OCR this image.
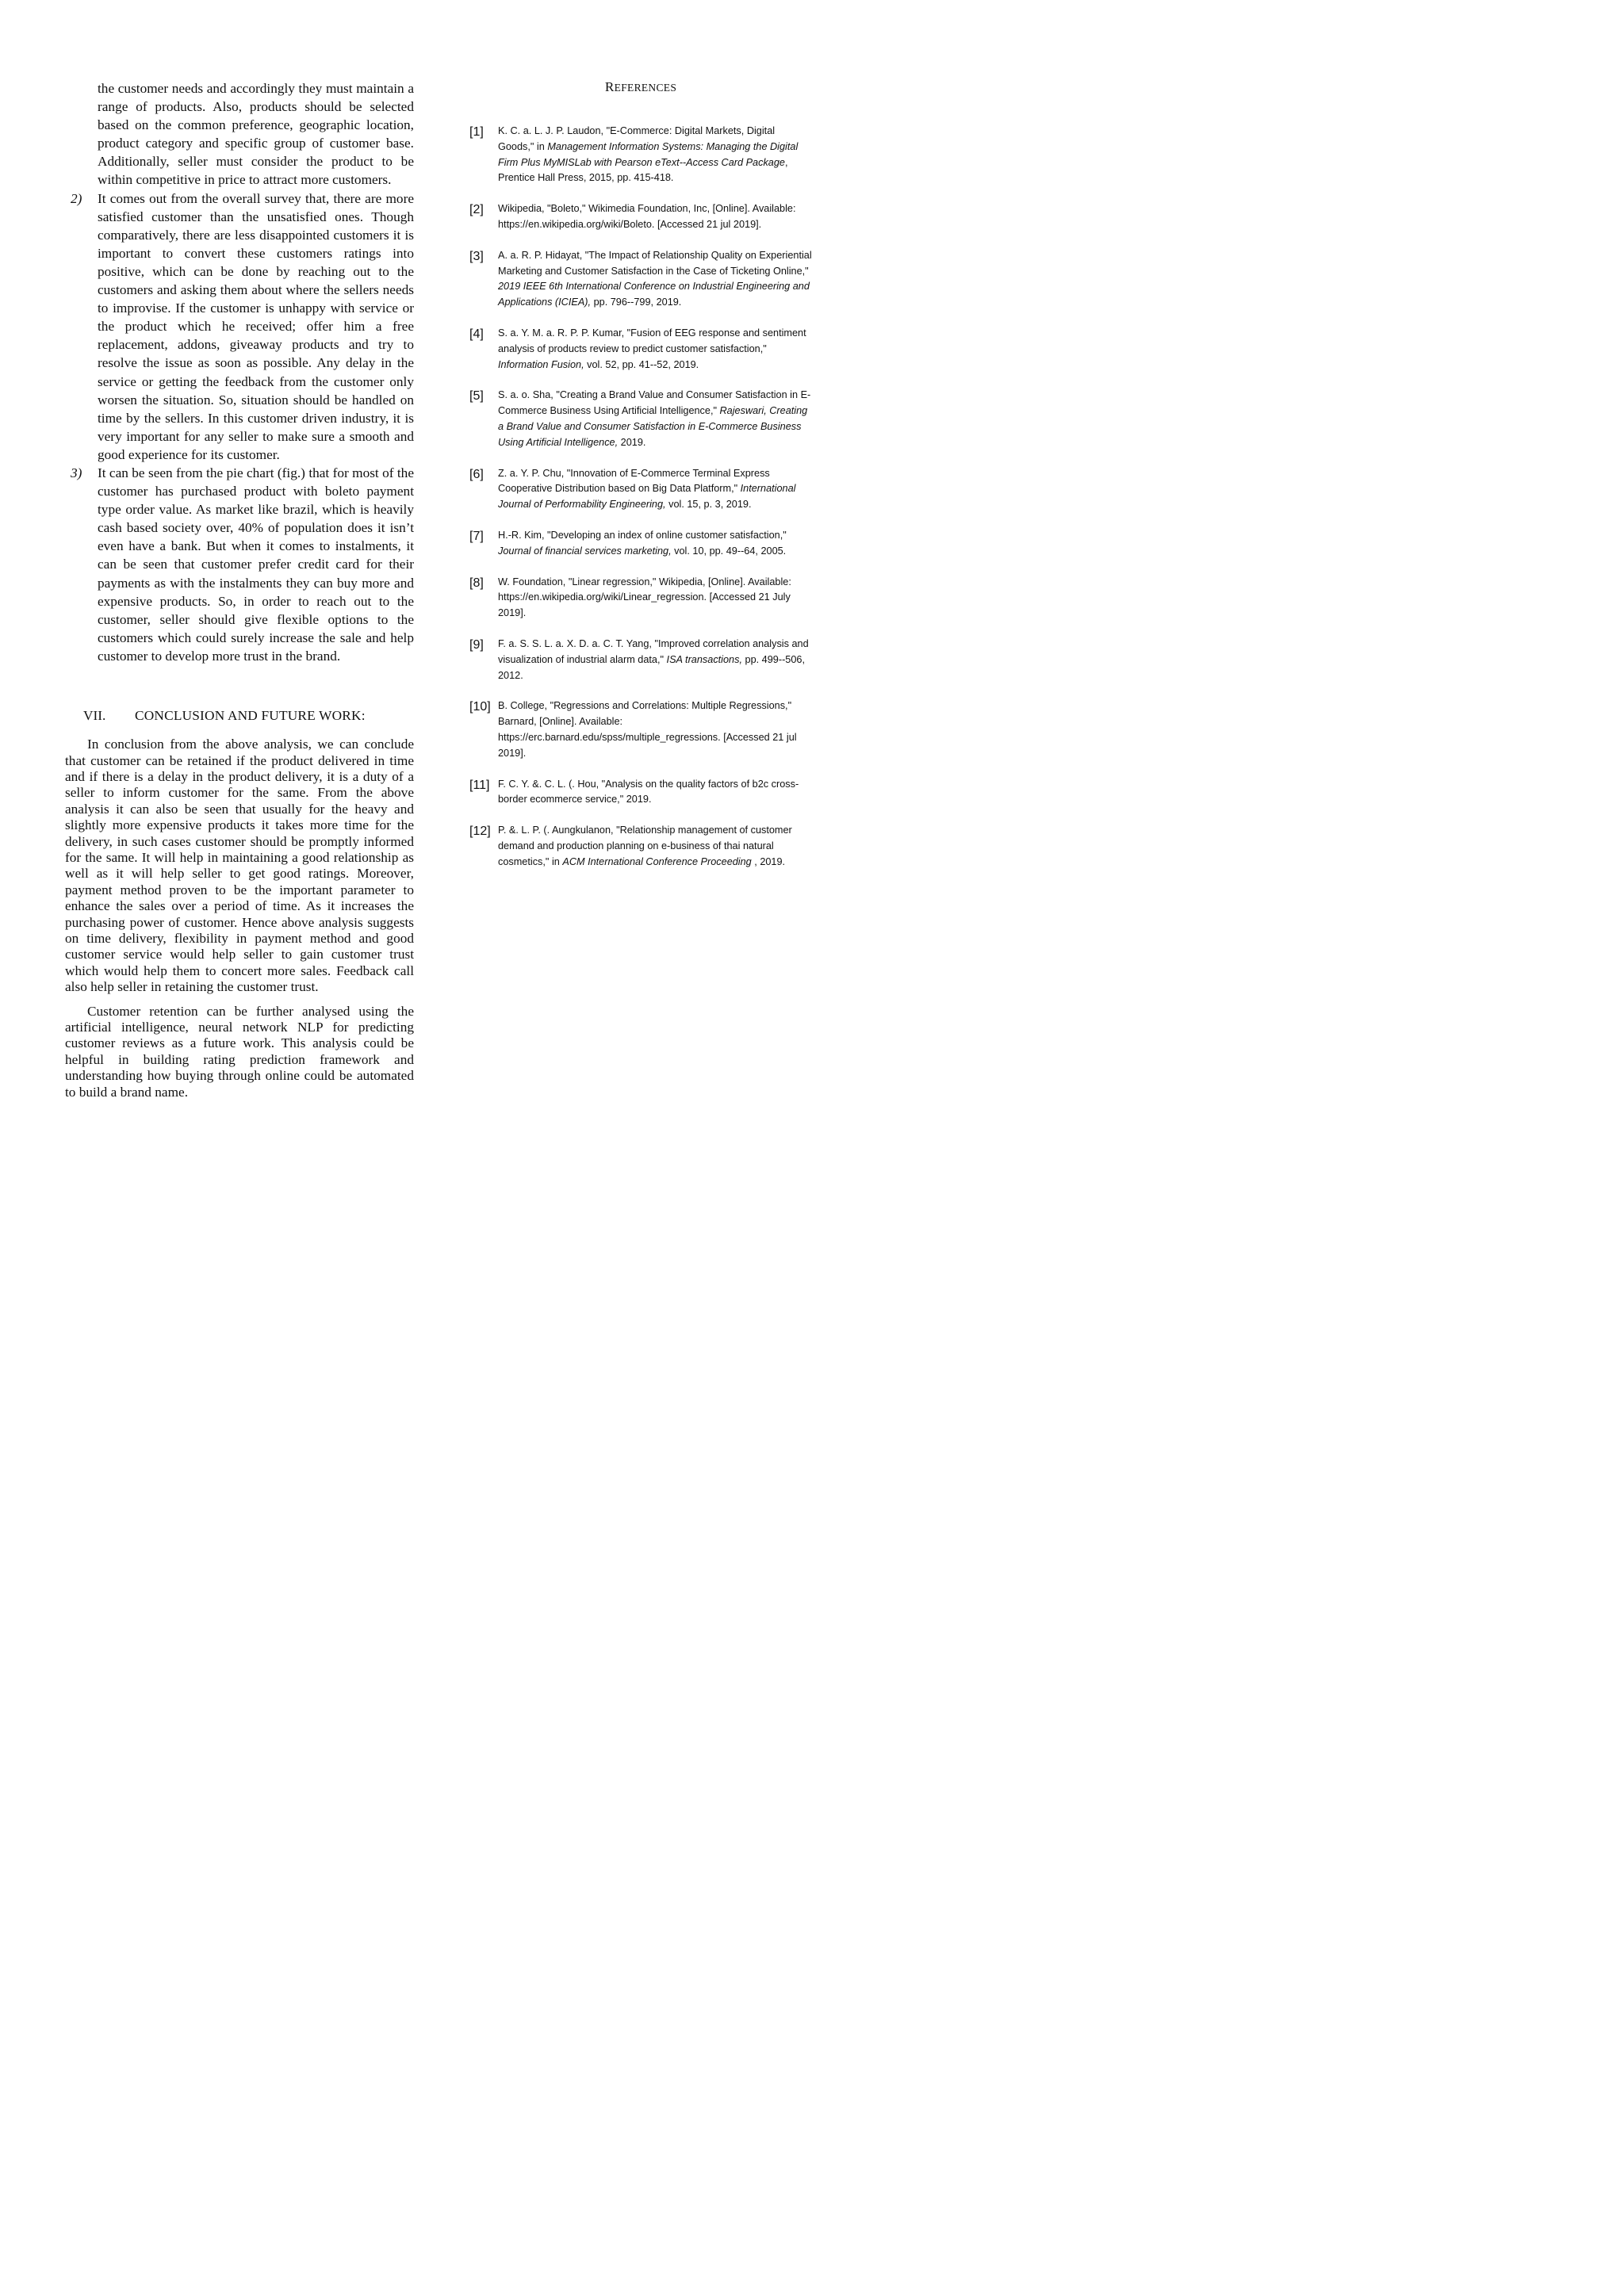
the customer needs and accordingly they must maintain a range of products. Also, products should be selected based on the common preference, geographic location, product category and specific group of customer base. Additionally, seller must consider the product to be within competitive in price to attract more customers.
2)	It comes out from the overall survey that, there are more satisfied customer than the unsatisfied ones. Though comparatively, there are less disappointed customers it is important to convert these customers ratings into positive, which can be done by reaching out to the customers and asking them about where the sellers needs to improvise. If the customer is unhappy with service or the product which he received; offer him a free replacement, addons, giveaway products and try to resolve the issue as soon as possible. Any delay in the service or getting the feedback from the customer only worsen the situation. So, situation should be handled on time by the sellers. In this customer driven industry, it is very important for any seller to make sure a smooth and good experience for its customer.
3)	It can be seen from the pie chart (fig.) that for most of the customer has purchased product with boleto payment type order value. As market like brazil, which is heavily cash based society over, 40% of population does it isn’t even have a bank. But when it comes to instalments, it can be seen that customer prefer credit card for their payments as with the instalments they can buy more and expensive products. So, in order to reach out to the customer, seller should give flexible options to the customers which could surely increase the sale and help customer to develop more trust in the brand.
VII.	CONCLUSION AND FUTURE WORK:

In conclusion from the above analysis, we can conclude that customer can be retained if the product delivered in time and if there is a delay in the product delivery, it is a duty of a seller to inform customer for the same. From the above analysis it can also be seen that usually for the heavy and slightly more expensive products it takes more time for the delivery, in such cases customer should be promptly informed for the same. It will help in maintaining a good relationship as well as it will help seller to get good ratings. Moreover, payment method proven to be the important parameter to enhance the sales over a period of time. As it increases the purchasing power of customer. Hence above analysis suggests on time delivery, flexibility in payment method and good customer service would help seller to gain customer trust which would help them to concert more sales. Feedback call also help seller in retaining the customer trust.

Customer retention can be further analysed using the artificial intelligence, neural network NLP for predicting customer reviews as a future work. This analysis could be helpful in building rating prediction framework and understanding how buying through online could be automated to build a brand name.

REFERENCES
[1]	K. C. a. L. J. P. Laudon, "E-Commerce: Digital Markets, Digital Goods," in Management Information Systems: Managing the Digital Firm Plus MyMISLab with Pearson eText--Access Card Package, Prentice Hall Press, 2015, pp. 415-418.
[2]	Wikipedia, "Boleto," Wikimedia Foundation, Inc, [Online]. Available: https://en.wikipedia.org/wiki/Boleto. [Accessed 21 jul 2019].
[3]	A. a. R. P. Hidayat, "The Impact of Relationship Quality on Experiential Marketing and Customer Satisfaction in the Case of Ticketing Online," 2019 IEEE 6th International Conference on Industrial Engineering and Applications (ICIEA), pp. 796--799, 2019.
[4]	S. a. Y. M. a. R. P. P. Kumar, "Fusion of EEG response and sentiment analysis of products review to predict customer satisfaction," Information Fusion, vol. 52, pp. 41--52, 2019.
[5]	S. a. o. Sha, "Creating a Brand Value and Consumer Satisfaction in E-Commerce Business Using Artificial Intelligence," Rajeswari, Creating a Brand Value and Consumer Satisfaction in E-Commerce Business Using Artificial Intelligence, 2019.
[6]	Z. a. Y. P. Chu, "Innovation of E-Commerce Terminal Express Cooperative Distribution based on Big Data Platform," International Journal of Performability Engineering, vol. 15, p. 3, 2019.
[7]	H.-R. Kim, "Developing an index of online customer satisfaction," Journal of financial services marketing, vol. 10, pp. 49--64, 2005.
[8]	W. Foundation, "Linear regression," Wikipedia, [Online]. Available: https://en.wikipedia.org/wiki/Linear_regression. [Accessed 21 July 2019].
[9]	F. a. S. S. L. a. X. D. a. C. T. Yang, "Improved correlation analysis and visualization of industrial alarm data," ISA transactions, pp. 499--506, 2012.
[10] B. College, "Regressions and Correlations: Multiple Regressions," Barnard, [Online]. Available: https://erc.barnard.edu/spss/multiple_regressions. [Accessed 21 jul 2019].
[11] F. C. Y. &. C. L. (. Hou, "Analysis on the quality factors of b2c cross-border ecommerce service," 2019.
[12] P. &. L. P. (. Aungkulanon, "Relationship management of customer demand and production planning on e-business of thai natural cosmetics," in ACM International Conference Proceeding , 2019.
